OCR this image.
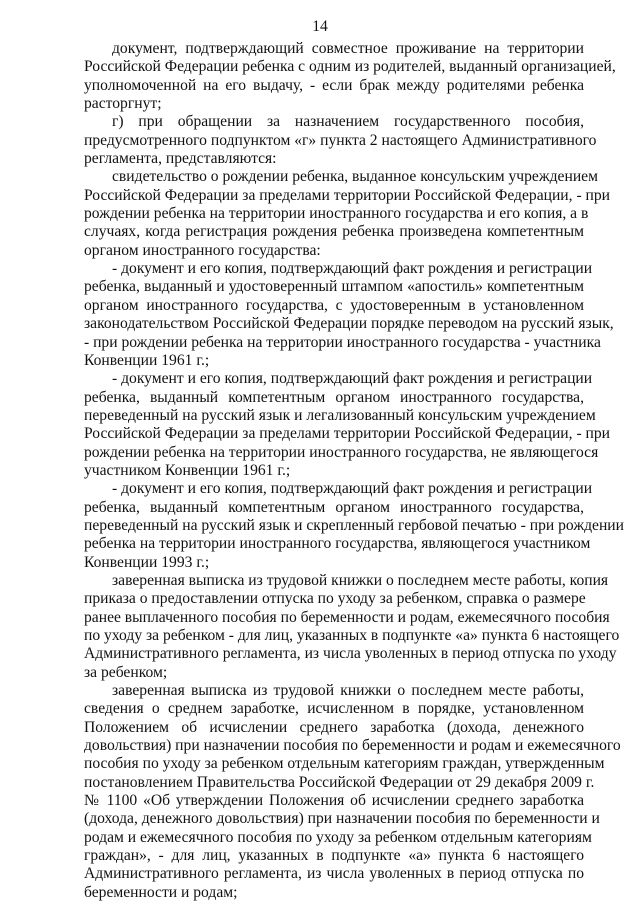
14
документ, подтверждающий совместное проживание на территории
Российской Федерации ребенка с одним из родителей, выданный организацией,
уполномоченной на его выдачу, - если брак между родителями ребенка
расторгнут;
г) при обращении за назначением государственного пособия,
предусмотренного подпунктом «г» пункта 2 настоящего Административного
регламента, представляются:
свидетельство о рождении ребенка, выданное консульским учреждением
Российской Федерации за пределами территории Российской Федерации, - при
рождении ребенка на территории иностранного государства и его копия, а в
случаях, когда регистрация рождения ребенка произведена компетентным
органом иностранного государства:
- документ и его копия, подтверждающий факт рождения и регистрации
ребенка, выданный и удостоверенный штампом «апостиль» компетентным
органом иностранного государства, с удостоверенным в установленном
законодательством Российской Федерации порядке переводом на русский язык,
- при рождении ребенка на территории иностранного государства - участника
Конвенции 1961 г.;
- документ и его копия, подтверждающий факт рождения и регистрации
ребенка, выданный компетентным органом иностранного государства,
переведенный на русский язык и легализованный консульским учреждением
Российской Федерации за пределами территории Российской Федерации, - при
рождении ребенка на территории иностранного государства, не являющегося
участником Конвенции 1961 г.;
- документ и его копия, подтверждающий факт рождения и регистрации
ребенка, выданный компетентным органом иностранного государства,
переведенный на русский язык и скрепленный гербовой печатью - при рождении
ребенка на территории иностранного государства, являющегося участником
Конвенции 1993 г.;
заверенная выписка из трудовой книжки о последнем месте работы, копия
приказа о предоставлении отпуска по уходу за ребенком, справка о размере
ранее выплаченного пособия по беременности и родам, ежемесячного пособия
по уходу за ребенком - для лиц, указанных в подпункте «а» пункта 6 настоящего
Административного регламента, из числа уволенных в период отпуска по уходу
за ребенком;
заверенная выписка из трудовой книжки о последнем месте работы,
сведения о среднем заработке, исчисленном в порядке, установленном
Положением об исчислении среднего заработка (дохода, денежного
довольствия) при назначении пособия по беременности и родам и ежемесячного
пособия по уходу за ребенком отдельным категориям граждан, утвержденным
постановлением Правительства Российской Федерации от 29 декабря 2009 г.
№ 1100 «Об утверждении Положения об исчислении среднего заработка
(дохода, денежного довольствия) при назначении пособия по беременности и
родам и ежемесячного пособия по уходу за ребенком отдельным категориям
граждан», - для лиц, указанных в подпункте «а» пункта 6 настоящего
Административного регламента, из числа уволенных в период отпуска по
беременности и родам;
